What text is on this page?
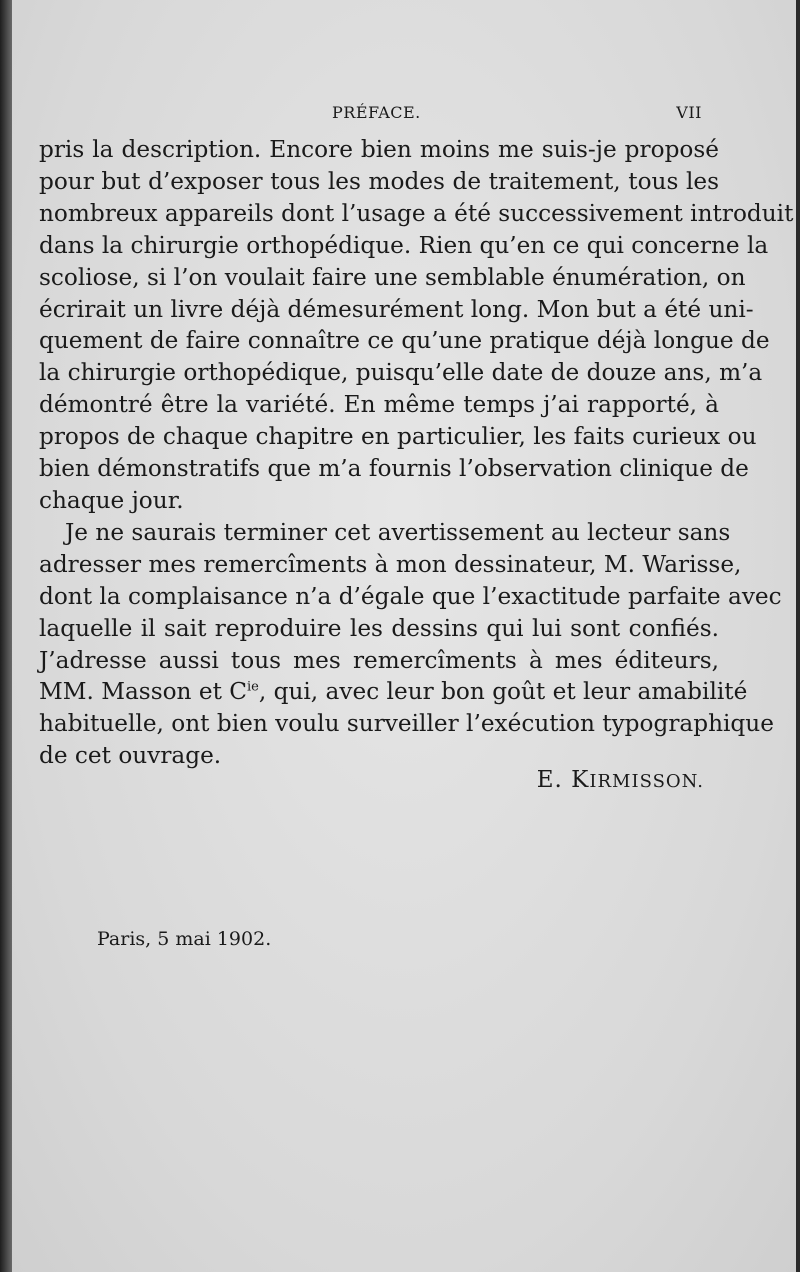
PRÉFACE.	VII
pris la description. Encore bien moins me suis-je proposé
pour but d’exposer tous les modes de traitement, tous les
nombreux appareils dont l’usage a été successivement introduit
dans la chirurgie orthopédique. Rien qu’en ce qui concerne la
scoliose, si l’on voulait faire une semblable énumération, on
écrirait un livre déjà démesurément long. Mon but a été uni-
quement de faire connaître ce qu’une pratique déjà longue de
la chirurgie orthopédique, puisqu’elle date de douze ans, m’a
démontré être la variété. En même temps j’ai rapporté, à
propos de chaque chapitre en particulier, les faits curieux ou
bien démonstratifs que m’a fournis l’observation clinique de
chaque jour.
Je ne saurais terminer cet avertissement au lecteur sans
adresser mes remercîments à mon dessinateur, M. Warisse,
dont la complaisance n’a d’égale que l’exactitude parfaite avec
laquelle il sait reproduire les dessins qui lui sont confiés.
J’adresse aussi tous mes remercîments à mes éditeurs,
MM. Masson et $C^{ie}$, qui, avec leur bon goût et leur amabilité
habituelle, ont bien voulu surveiller l’exécution typographique
de cet ouvrage.
E. KIRMISSON.
Paris, 5 mai 1902.
